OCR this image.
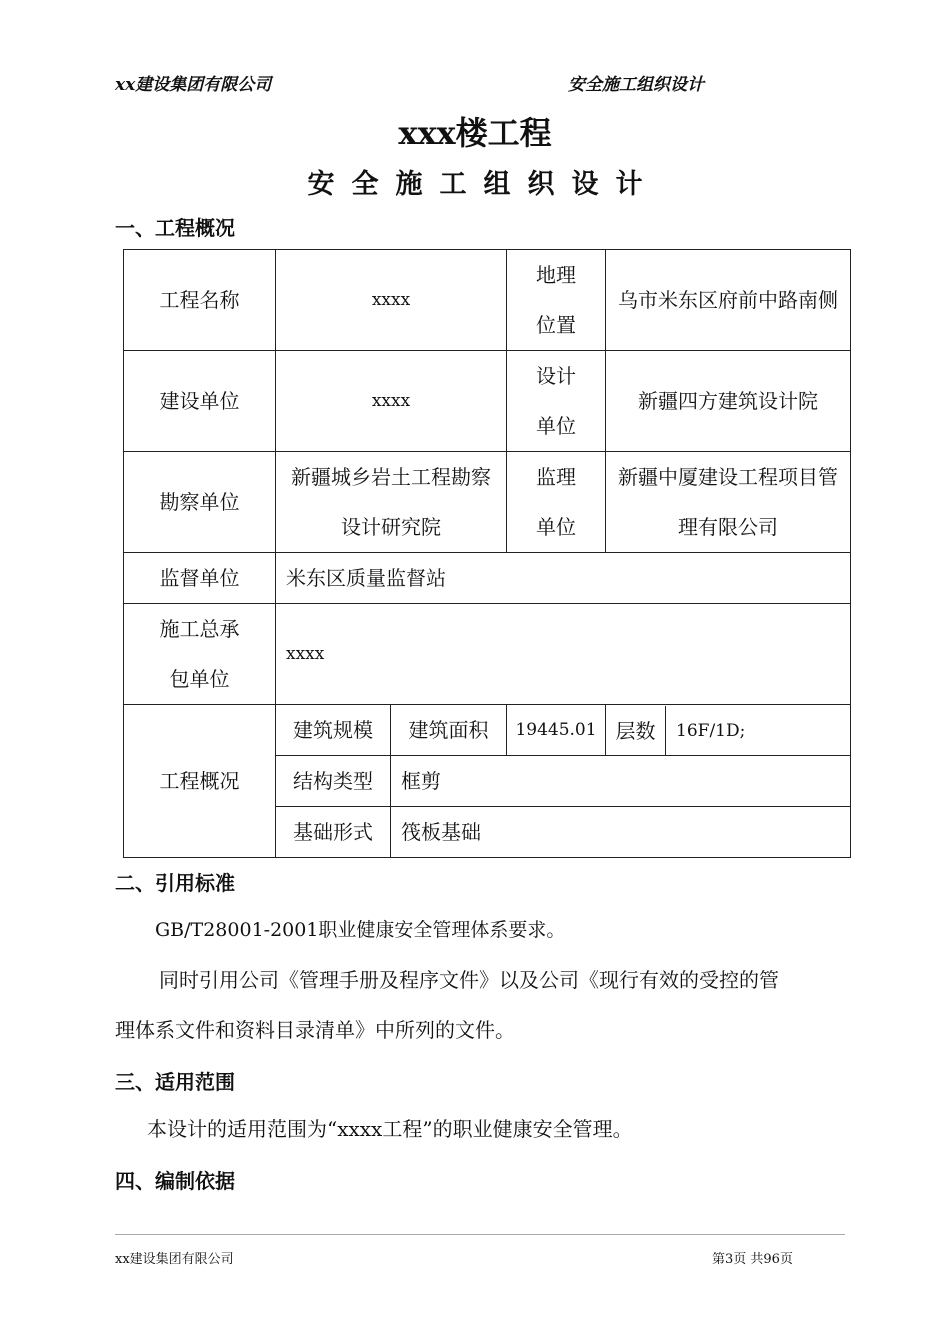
xx建设集团有限公司	安全施工组织设计
xxx楼工程
安全施工组织设计
一、工程概况
工程名称	xxxx		地理位置	乌市米东区府前中路南侧
建设单位	xxxx		设计单位	新疆四方建筑设计院
勘察单位	新疆城乡岩土工程勘察设计研究院		监理单位	新疆中厦建设工程项目管理有限公司
监督单位	米东区质量监督站			
施工总承包单位	xxxx			
工程概况	建筑规模	建筑面积	19445.01	层数 16F/1D;

	结构类型	框剪		
	基础形式	筏板基础		
二、引用标准
GB/T28001-2001职业健康安全管理体系要求。
同时引用公司《管理手册及程序文件》以及公司《现行有效的受控的管
理体系文件和资料目录清单》中所列的文件。
三、适用范围
本设计的适用范围为“xxxx工程”的职业健康安全管理。
四、编制依据
xx建设集团有限公司	第3页 共96页
